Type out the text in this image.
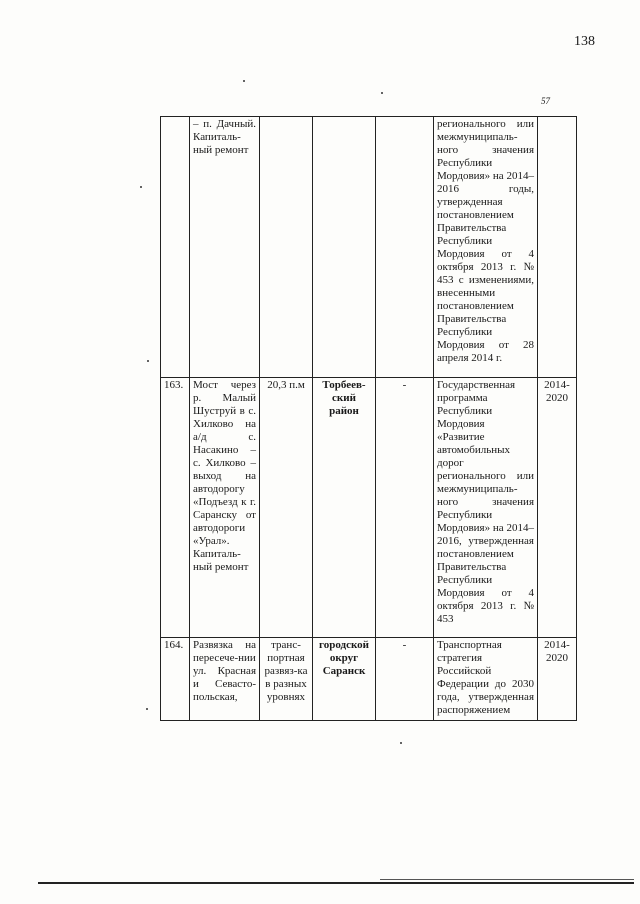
138
57
	– п. Дачный. Капиталь-ный ремонт				регионального или межмуниципаль-ного значения Республики Мордовия» на 2014–2016 годы, утвержденная постановлением Правительства Республики Мордовия от 4 октября 2013 г. № 453 с изменениями, внесенными постановлением Правительства Республики Мордовия от 28 апреля 2014 г.	
163.	Мост через р. Малый Шуструй в с. Хилково на а/д с. Насакино – с. Хилково – выход на автодорогу «Подъезд к г. Саранску от автодороги «Урал». Капиталь-ный ремонт	20,3 п.м	Торбеев-ский район	-	Государственная программа Республики Мордовия «Развитие автомобильных дорог регионального или межмуниципаль-ного значения Республики Мордовия» на 2014–2016, утвержденная постановлением Правительства Республики Мордовия от 4 октября 2013 г. № 453	2014-2020
164.	Развязка на пересече-нии ул. Красная и Севасто-польская,	транс-портная развяз-ка в разных уровнях	городской округ Саранск	-	Транспортная стратегия Российской Федерации до 2030 года, утвержденная распоряжением	2014-2020
